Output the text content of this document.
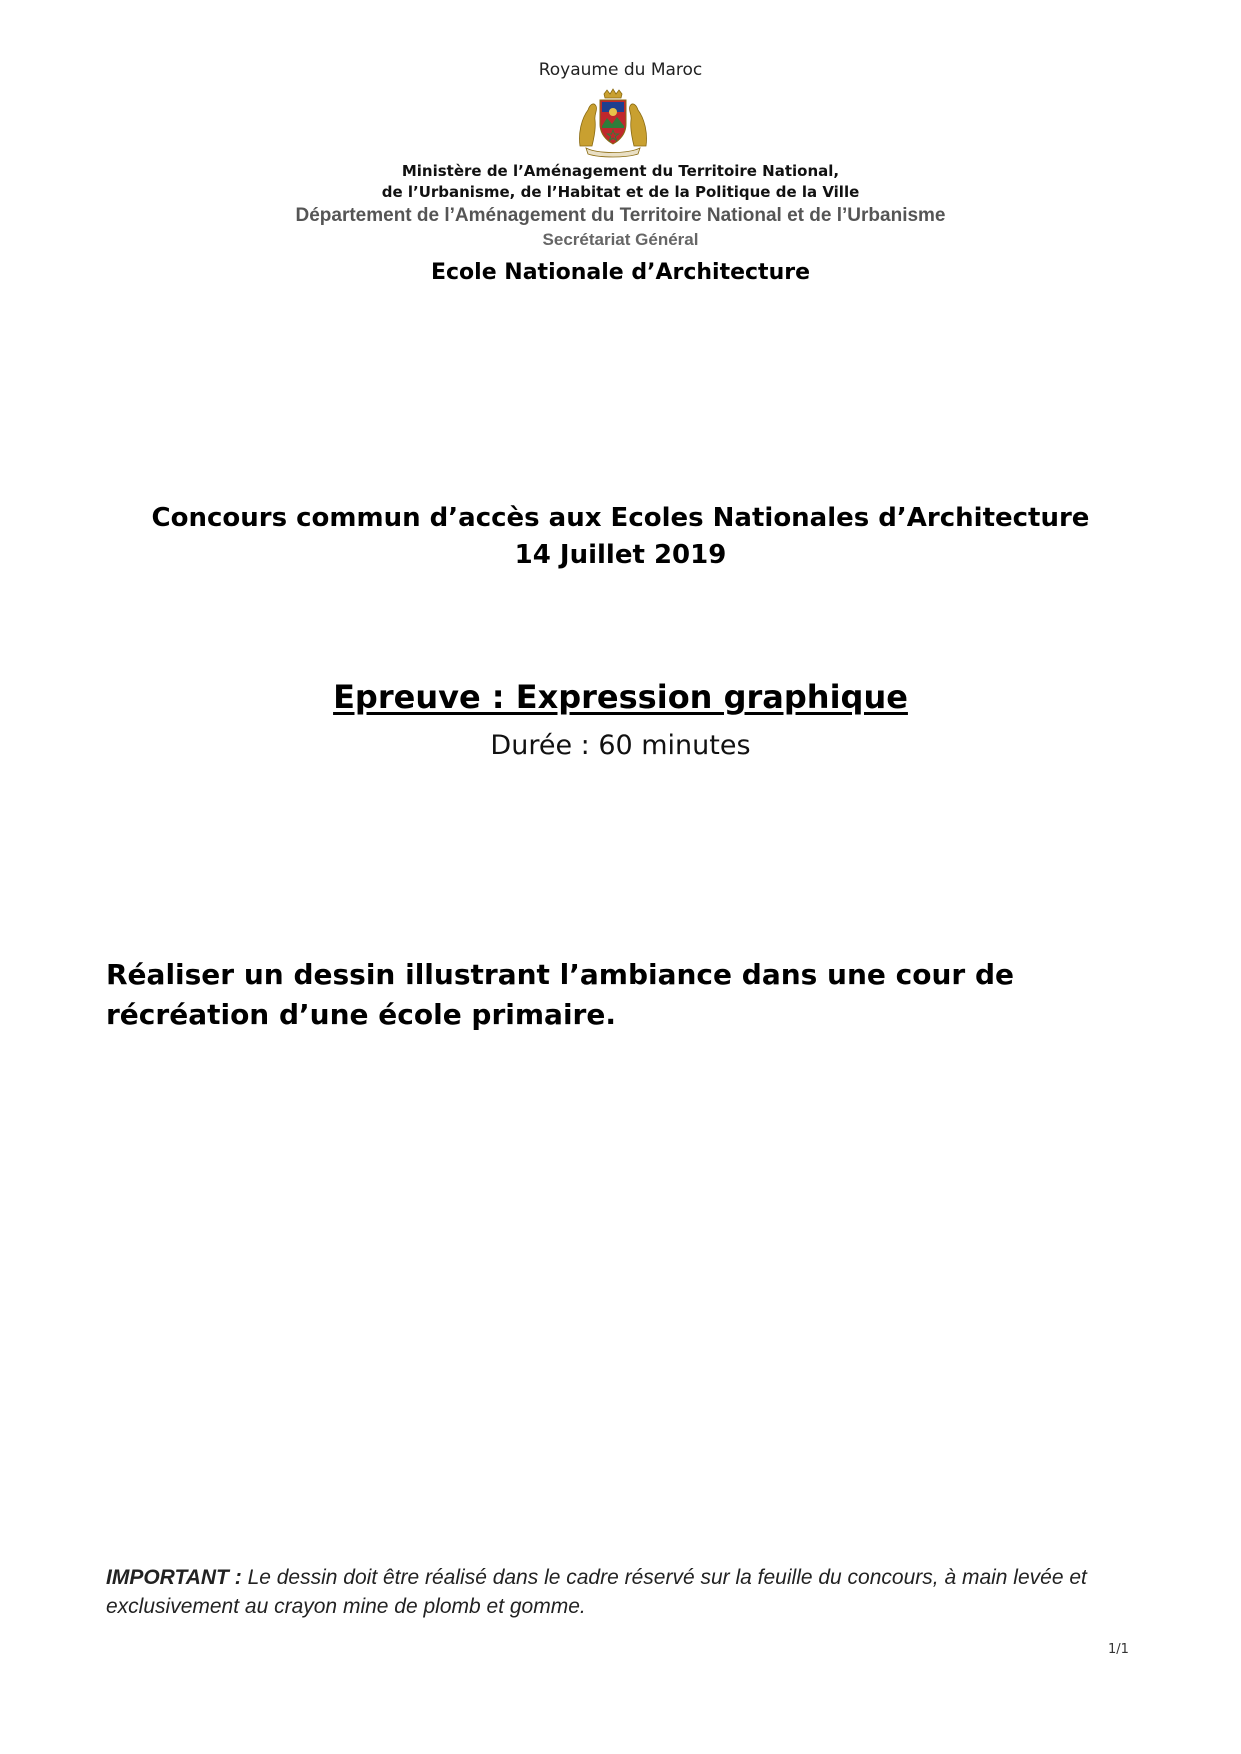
Royaume du Maroc
Ministère de l’Aménagement du Territoire National,
de l’Urbanisme, de l’Habitat et de la Politique de la Ville
Département de l’Aménagement du Territoire National et de l’Urbanisme
Secrétariat Général
Ecole Nationale d’Architecture
Concours commun d’accès aux Ecoles Nationales d’Architecture
14 Juillet 2019
Epreuve : Expression graphique
Durée : 60 minutes
Réaliser un dessin illustrant l’ambiance dans une cour de récréation d’une école primaire.
IMPORTANT : Le dessin doit être réalisé dans le cadre réservé sur la feuille du concours, à main levée et exclusivement au crayon mine de plomb et gomme.
1/1
